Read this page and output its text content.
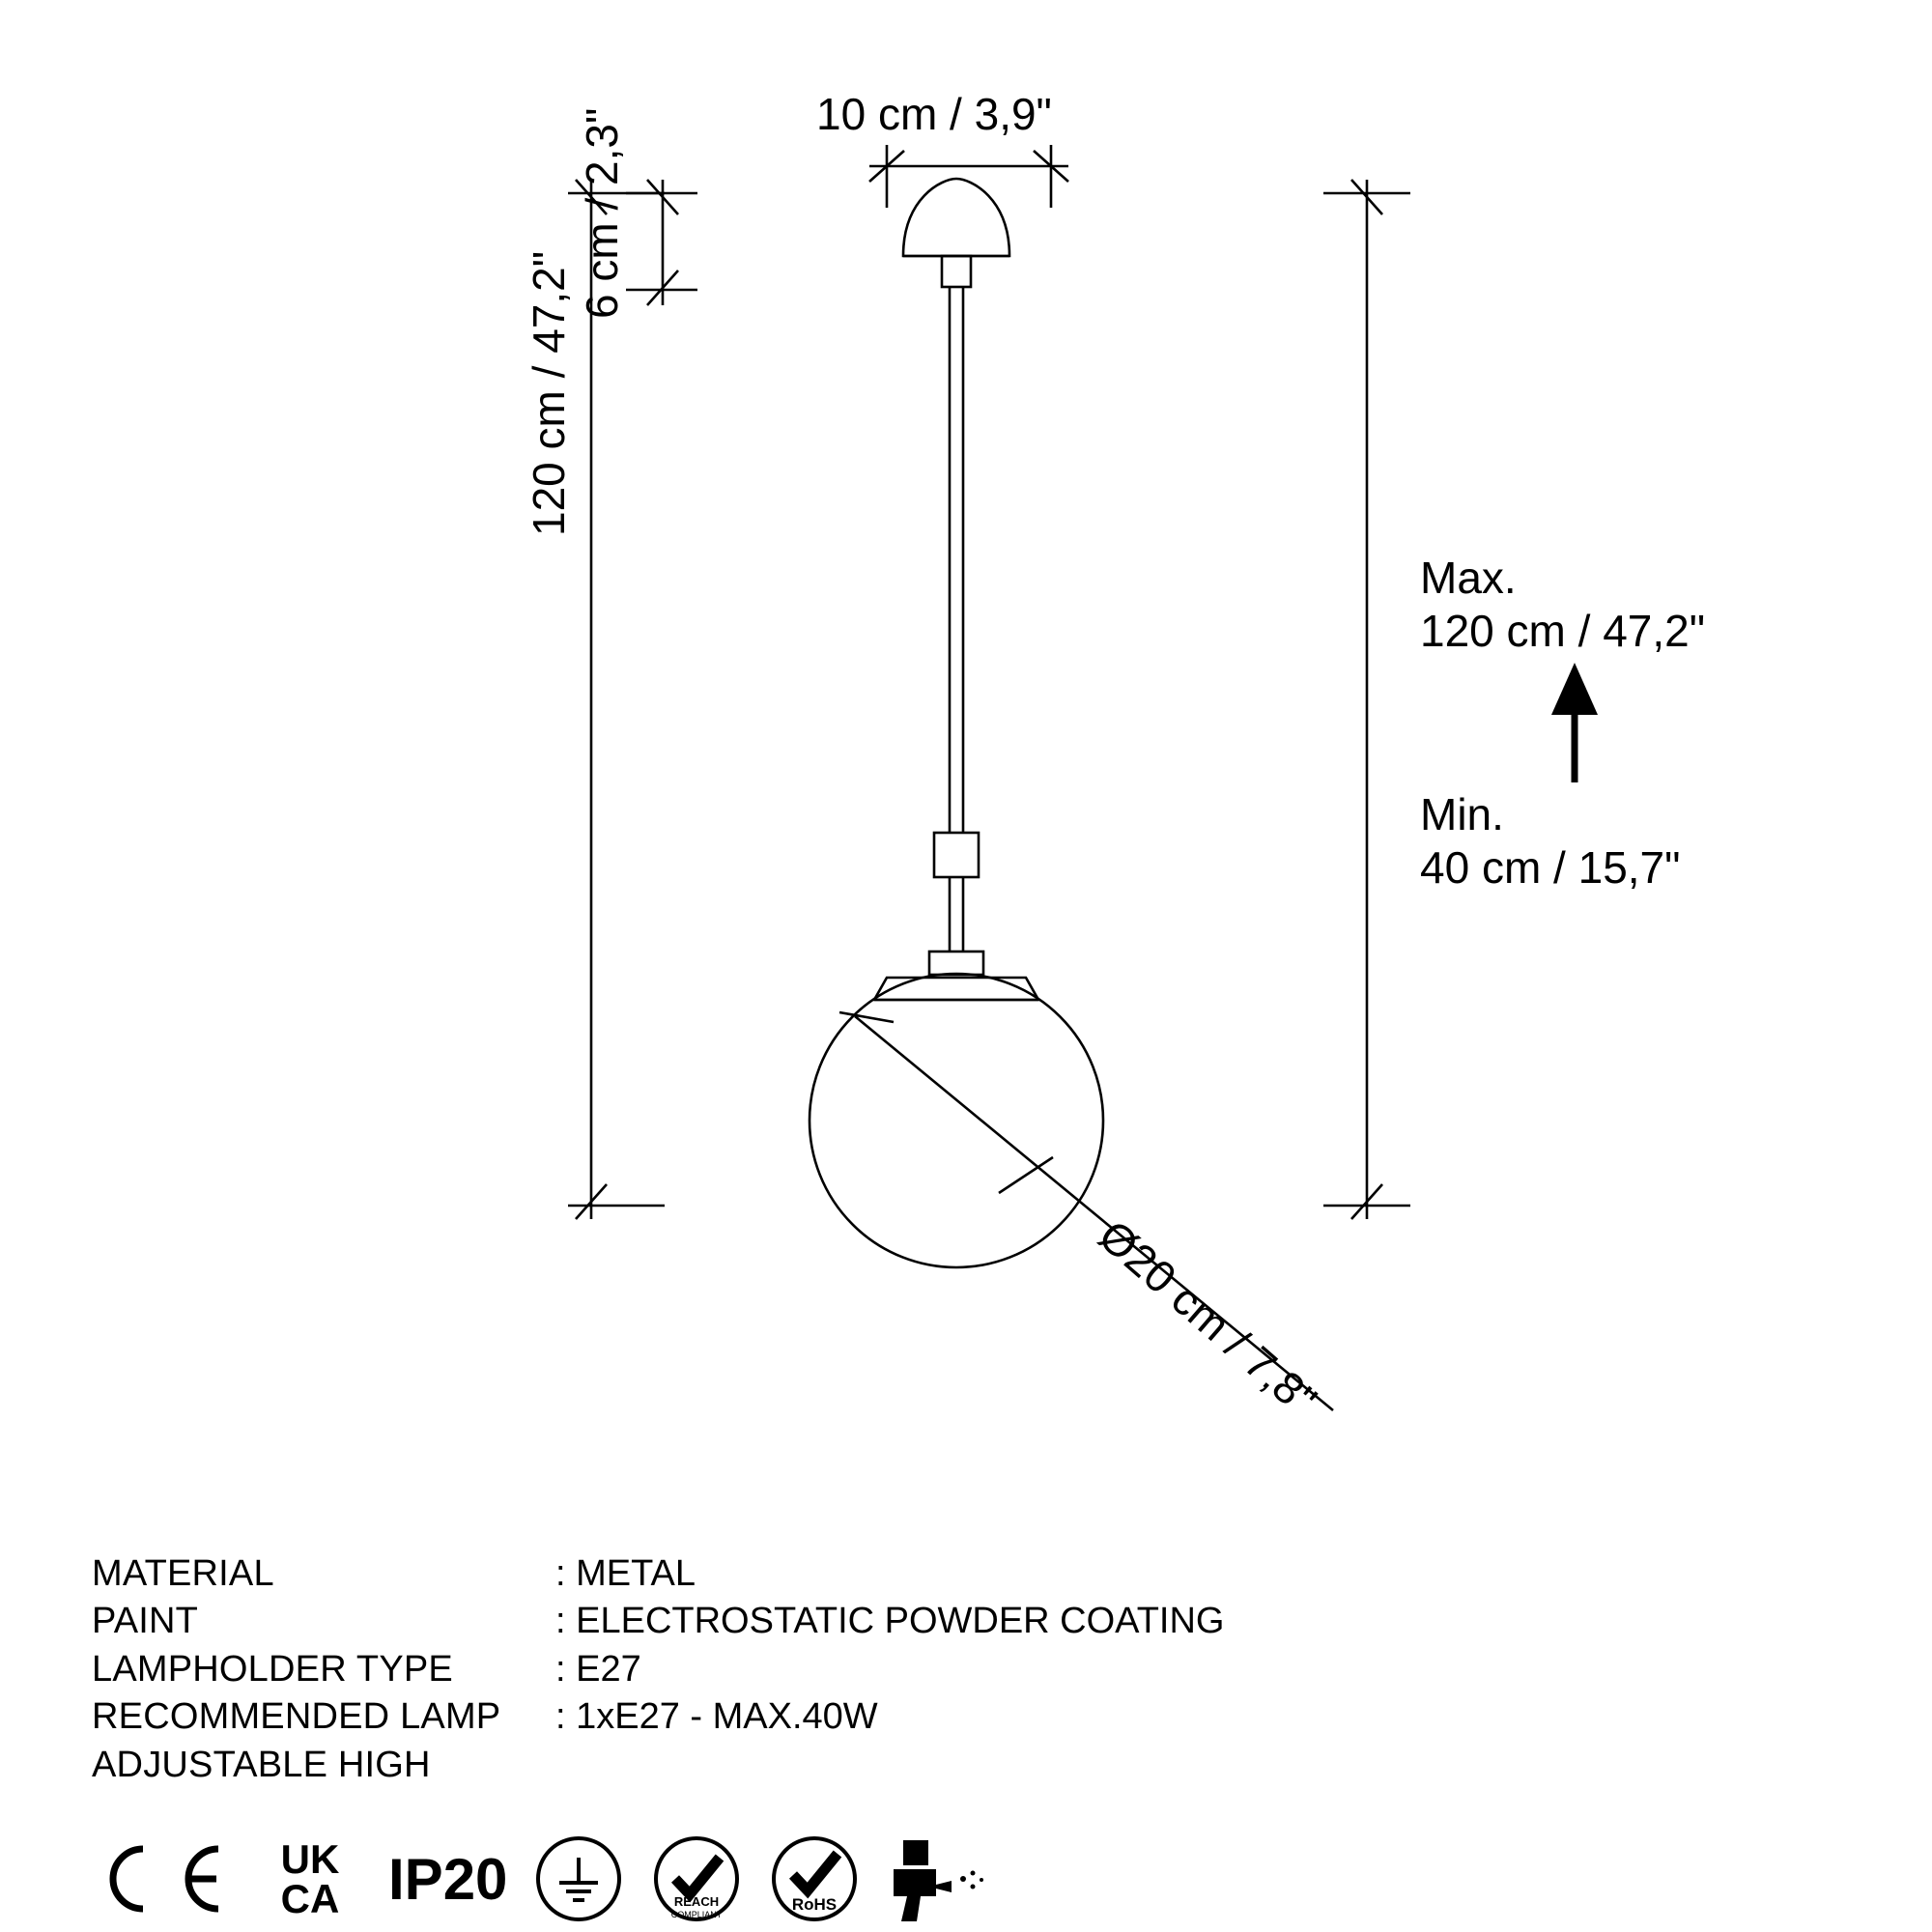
10 cm / 3,9"
6 cm / 2,3"
120 cm / 47,2"
Max.
120 cm / 47,2"
Min.
40 cm / 15,7"
Ø20 cm / 7,8"
MATERIAL	: METAL
PAINT	: ELECTROSTATIC POWDER COATING
LAMPHOLDER TYPE	: E27
RECOMMENDED LAMP	: 1xE27 - MAX.40W
ADJUSTABLE HIGH
UK
CA IP20	REACH
COMPLIANT
RoHS
